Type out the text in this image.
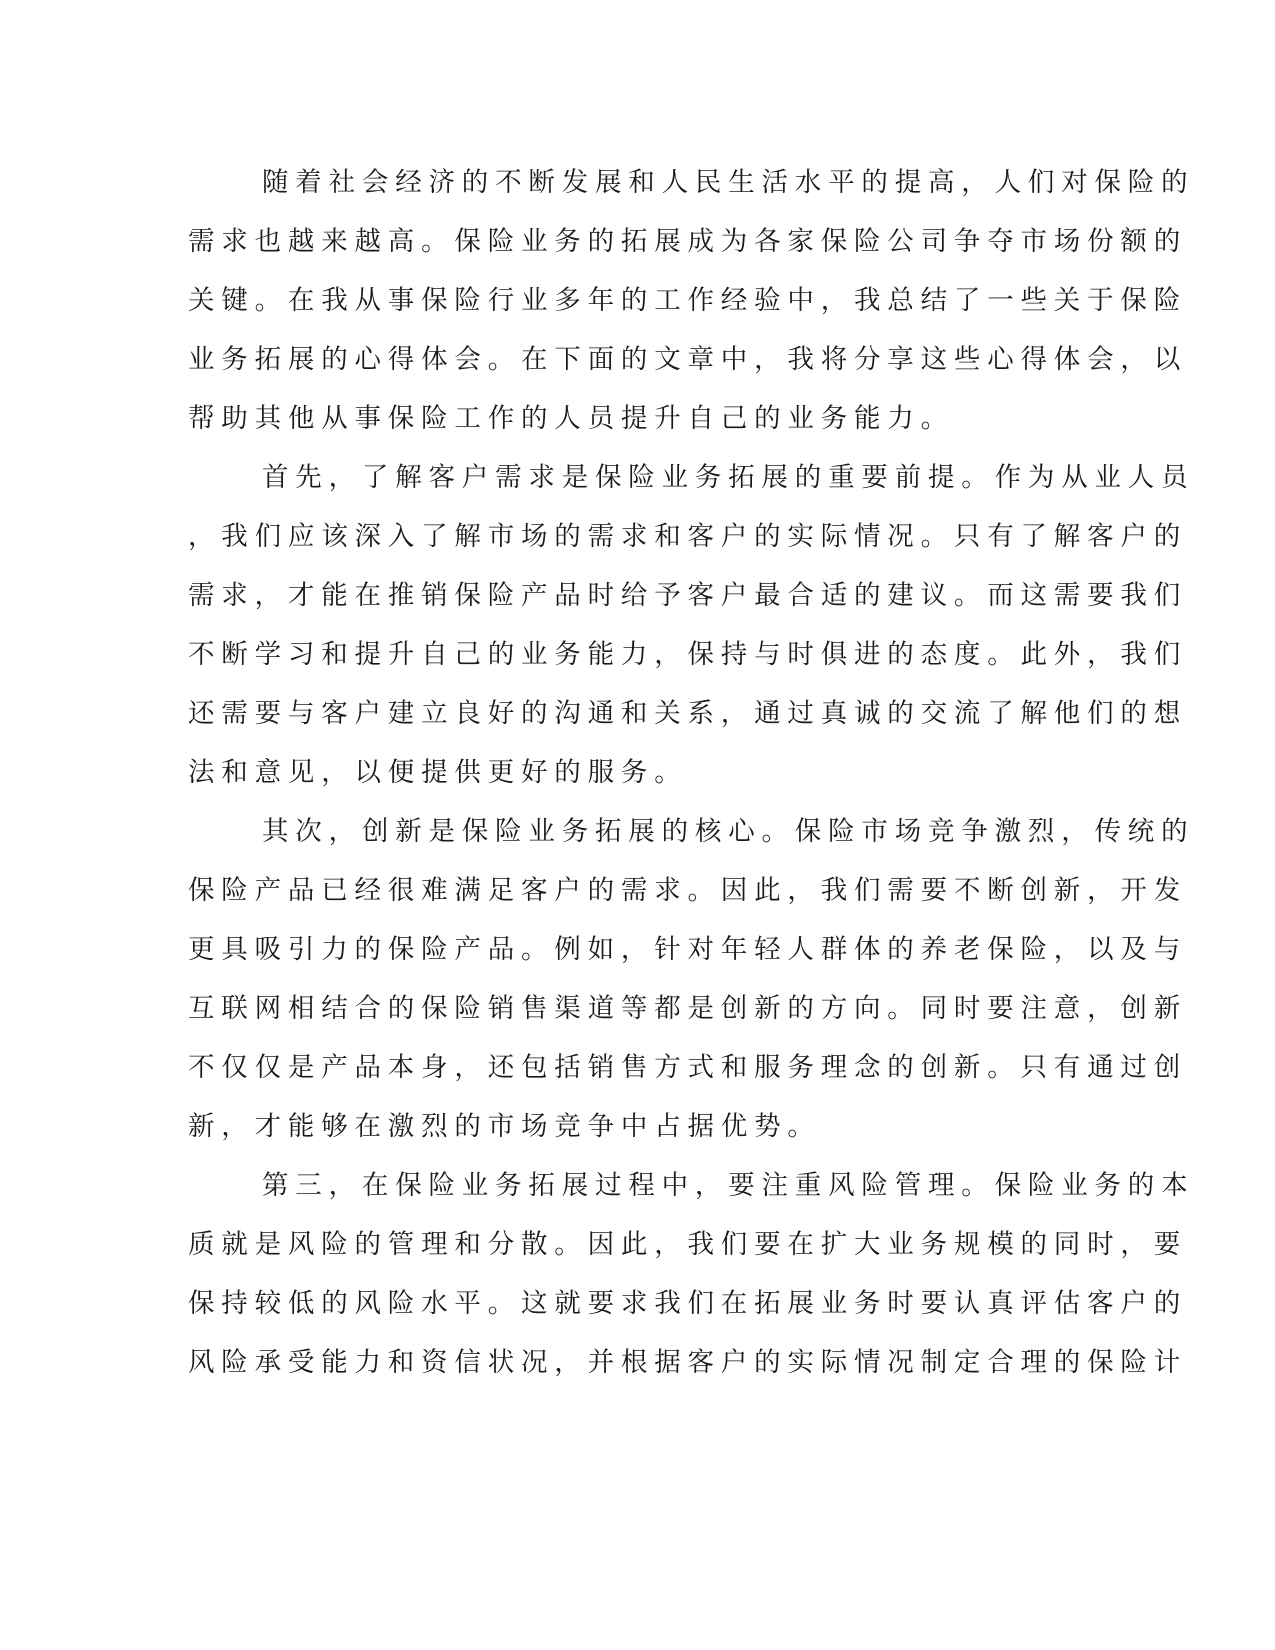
随着社会经济的不断发展和人民生活水平的提高，人们对保险的

需求也越来越高。保险业务的拓展成为各家保险公司争夺市场份额的

关键。在我从事保险行业多年的工作经验中，我总结了一些关于保险

业务拓展的心得体会。在下面的文章中，我将分享这些心得体会，以

帮助其他从事保险工作的人员提升自己的业务能力。

首先，了解客户需求是保险业务拓展的重要前提。作为从业人员

，我们应该深入了解市场的需求和客户的实际情况。只有了解客户的

需求，才能在推销保险产品时给予客户最合适的建议。而这需要我们

不断学习和提升自己的业务能力，保持与时俱进的态度。此外，我们

还需要与客户建立良好的沟通和关系，通过真诚的交流了解他们的想

法和意见，以便提供更好的服务。

其次，创新是保险业务拓展的核心。保险市场竞争激烈，传统的

保险产品已经很难满足客户的需求。因此，我们需要不断创新，开发

更具吸引力的保险产品。例如，针对年轻人群体的养老保险，以及与

互联网相结合的保险销售渠道等都是创新的方向。同时要注意，创新

不仅仅是产品本身，还包括销售方式和服务理念的创新。只有通过创

新，才能够在激烈的市场竞争中占据优势。

第三，在保险业务拓展过程中，要注重风险管理。保险业务的本

质就是风险的管理和分散。因此，我们要在扩大业务规模的同时，要

保持较低的风险水平。这就要求我们在拓展业务时要认真评估客户的

风险承受能力和资信状况，并根据客户的实际情况制定合理的保险计
